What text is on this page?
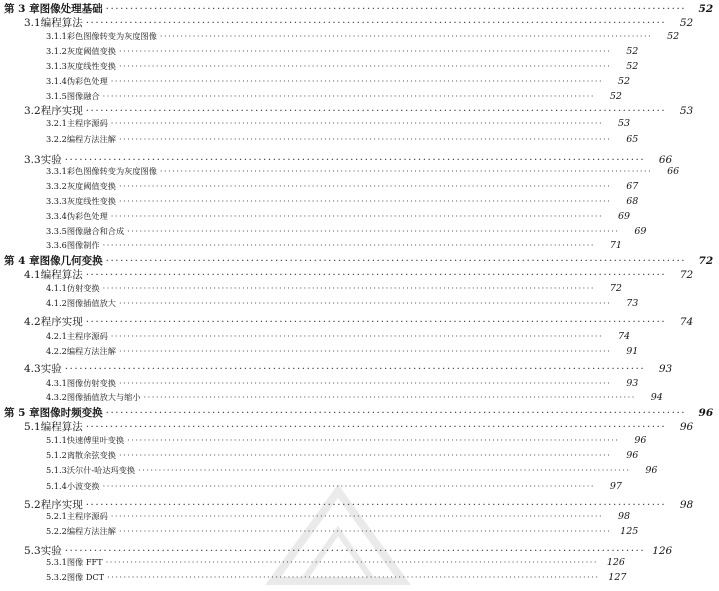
第 3 章 图像处理基础 ························································································································	52
3.1 编程算法 ························································································································	52
3.1.1 彩色图像转变为灰度图像 ························································································································	52
3.1.2 灰度阈值变换 ························································································································	52
3.1.3 灰度线性变换 ························································································································	52
3.1.4 伪彩色处理 ························································································································	52
3.1.5 图像融合 ························································································································	52
3.2 程序实现 ························································································································	53
3.2.1 主程序源码 ························································································································	53
3.2.2 编程方法注解 ························································································································	65
3.3 实验 ························································································································	66
3.3.1 彩色图像转变为灰度图像 ························································································································	66
3.3.2 灰度阈值变换 ························································································································	67
3.3.3 灰度线性变换 ························································································································	68
3.3.4 伪彩色处理 ························································································································	69
3.3.5 图像融合和合成 ························································································································	69
3.3.6 图像制作 ························································································································	71
第 4 章 图像几何变换 ························································································································	72
4.1 编程算法 ························································································································	72
4.1.1 仿射变换 ························································································································	72
4.1.2 图像插值放大 ························································································································	73
4.2 程序实现 ························································································································	74
4.2.1 主程序源码 ························································································································	74
4.2.2 编程方法注解 ························································································································	91
4.3 实验 ························································································································	93
4.3.1 图像仿射变换 ························································································································	93
4.3.2 图像插值放大与缩小 ························································································································	94
第 5 章 图像时频变换 ························································································································	96
5.1 编程算法 ························································································································	96
5.1.1 快速傅里叶变换 ························································································································	96
5.1.2 离散余弦变换 ························································································································	96
5.1.3 沃尔什-哈达玛变换 ························································································································	96
5.1.4 小波变换 ························································································································	97
5.2 程序实现 ························································································································	98
5.2.1 主程序源码 ························································································································	98
5.2.2 编程方法注解 ························································································································ 125
5.3 实验 ························································································································ 126
5.3.1 图像 FFT ························································································································ 126
5.3.2 图像 DCT ························································································································ 127
